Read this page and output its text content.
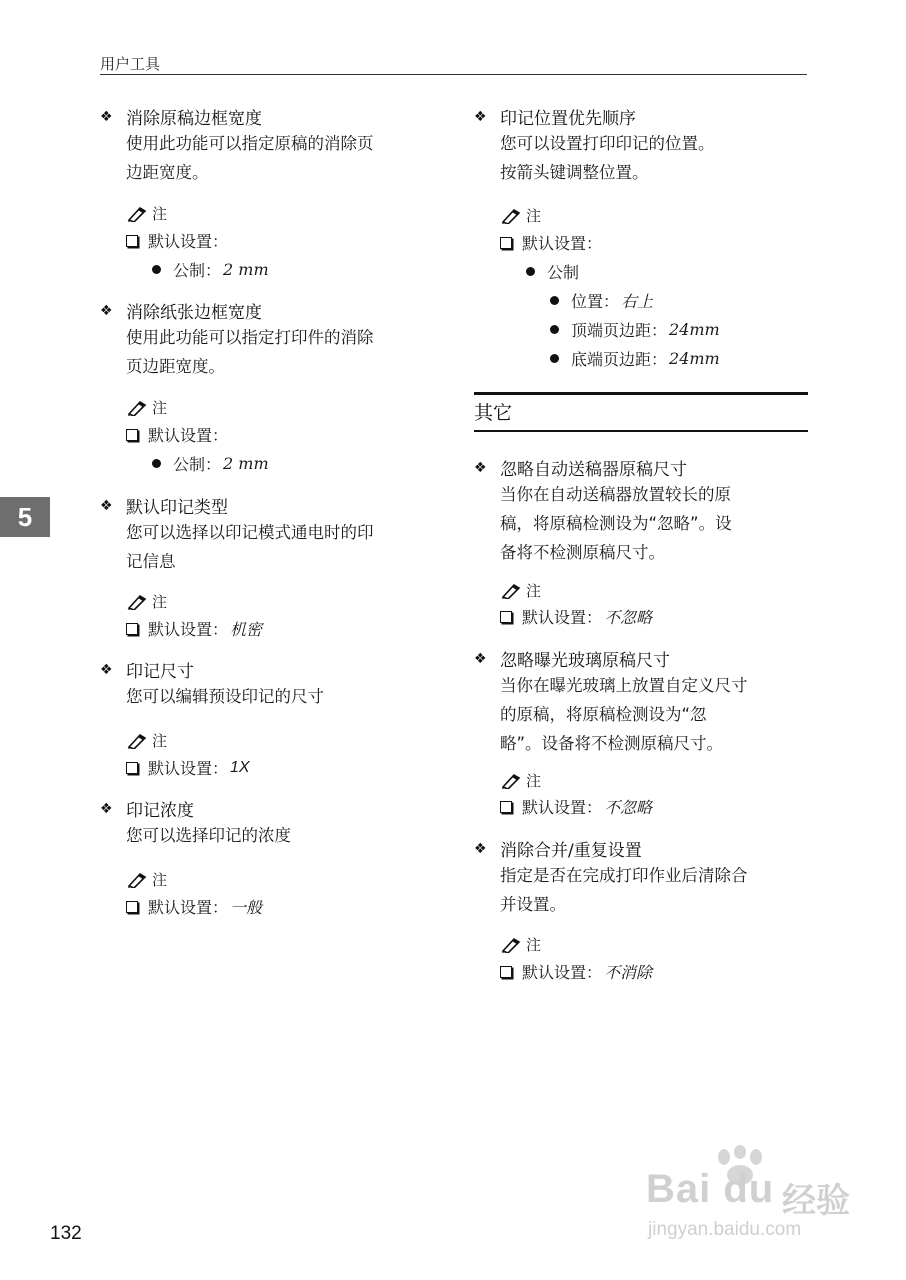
用户工具
5
132
❖ 消除原稿边框宽度
使用此功能可以指定原稿的消除页
边距宽度。
注
默认设置：
公制： 2 mm
❖ 消除纸张边框宽度
使用此功能可以指定打印件的消除
页边距宽度。
注
默认设置：
公制： 2 mm
❖ 默认印记类型
您可以选择以印记模式通电时的印
记信息
注
默认设置： 机密
❖ 印记尺寸
您可以编辑预设印记的尺寸
注
默认设置： 1X
❖ 印记浓度
您可以选择印记的浓度
注
默认设置： 一般
❖ 印记位置优先顺序
您可以设置打印印记的位置。
按箭头键调整位置。
注
默认设置：
公制
位置： 右上
顶端页边距： 24mm
底端页边距： 24mm
❖ 忽略自动送稿器原稿尺寸
当你在自动送稿器放置较长的原
稿，将原稿检测设为“忽略”。设
备将不检测原稿尺寸。
注
默认设置： 不忽略
❖ 忽略曝光玻璃原稿尺寸
当你在曝光玻璃上放置自定义尺寸
的原稿，将原稿检测设为“忽
略”。设备将不检测原稿尺寸。
注
默认设置： 不忽略
❖ 消除合并/重复设置
指定是否在完成打印作业后清除合
并设置。
注
默认设置： 不消除
其它
Bai du 经验
jingyan.baidu.com
